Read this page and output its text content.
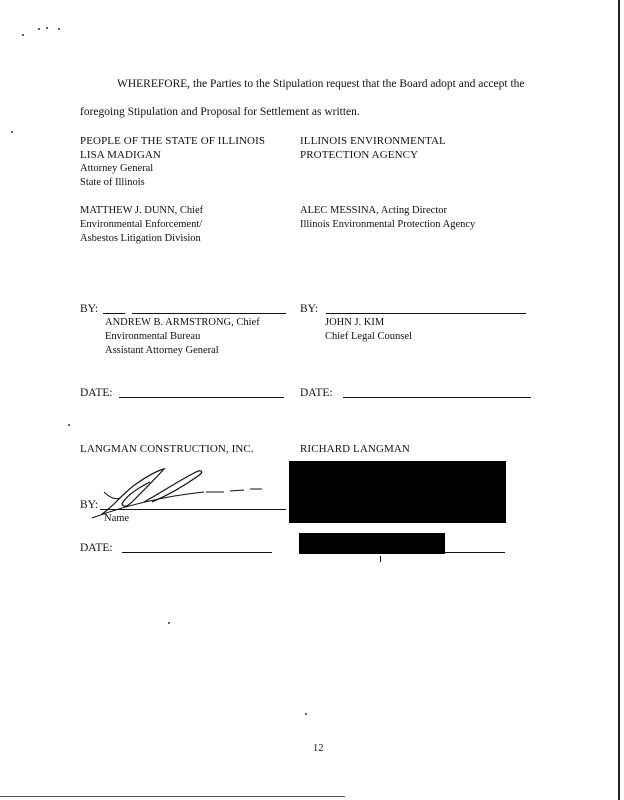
WHEREFORE, the Parties to the Stipulation request that the Board adopt and accept the
foregoing Stipulation and Proposal for Settlement as written.
PEOPLE OF THE STATE OF ILLINOIS
LISA MADIGAN
Attorney General
State of Illinois
ILLINOIS ENVIRONMENTAL
PROTECTION AGENCY
MATTHEW J. DUNN, Chief
Environmental Enforcement/
Asbestos Litigation Division
ALEC MESSINA, Acting Director
Illinois Environmental Protection Agency
BY:
ANDREW B. ARMSTRONG, Chief
Environmental Bureau
Assistant Attorney General
BY:
JOHN J. KIM
Chief Legal Counsel
DATE:	DATE:
LANGMAN CONSTRUCTION, INC.	RICHARD LANGMAN
BY:
Name
DATE:
12
